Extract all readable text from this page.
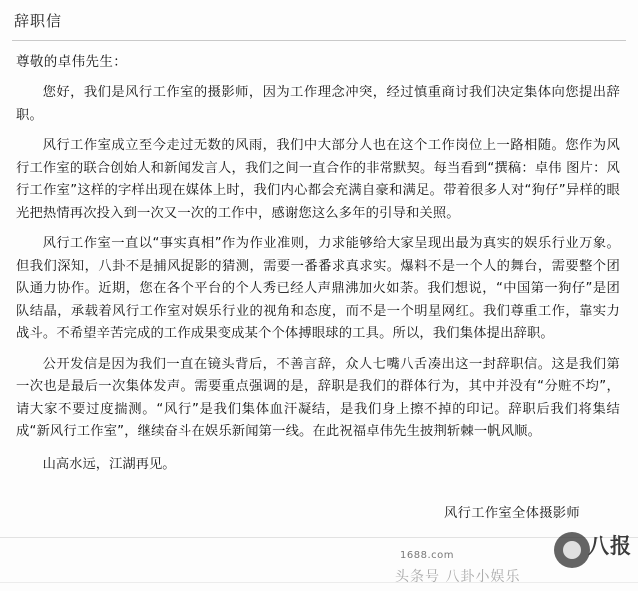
辞职信
尊敬的卓伟先生：

您好，我们是风行工作室的摄影师，因为工作理念冲突，经过慎重商讨我们决定集体向您提出辞职。

风行工作室成立至今走过无数的风雨，我们中大部分人也在这个工作岗位上一路相随。您作为风行工作室的联合创始人和新闻发言人，我们之间一直合作的非常默契。每当看到“撰稿：卓伟 图片：风行工作室”这样的字样出现在媒体上时，我们内心都会充满自豪和满足。带着很多人对“狗仔”异样的眼光把热情再次投入到一次又一次的工作中，感谢您这么多年的引导和关照。

风行工作室一直以“事实真相”作为作业准则，力求能够给大家呈现出最为真实的娱乐行业万象。但我们深知，八卦不是捕风捉影的猜测，需要一番番求真求实。爆料不是一个人的舞台，需要整个团队通力协作。近期，您在各个平台的个人秀已经人声鼎沸加火如荼。我们想说，“中国第一狗仔”是团队结晶，承载着风行工作室对娱乐行业的视角和态度，而不是一个明星网红。我们尊重工作，靠实力战斗。不希望辛苦完成的工作成果变成某个个体搏眼球的工具。所以，我们集体提出辞职。

公开发信是因为我们一直在镜头背后，不善言辞，众人七嘴八舌凑出这一封辞职信。这是我们第一次也是最后一次集体发声。需要重点强调的是，辞职是我们的群体行为，其中并没有“分赃不均”，请大家不要过度揣测。“风行”是我们集体血汗凝结，是我们身上擦不掉的印记。辞职后我们将集结成“新风行工作室”，继续奋斗在娱乐新闻第一线。在此祝福卓伟先生披荆斩棘一帆风顺。

山高水远，江湖再见。
风行工作室全体摄影师
1688.com
头条号 八卦小娱乐
八报
